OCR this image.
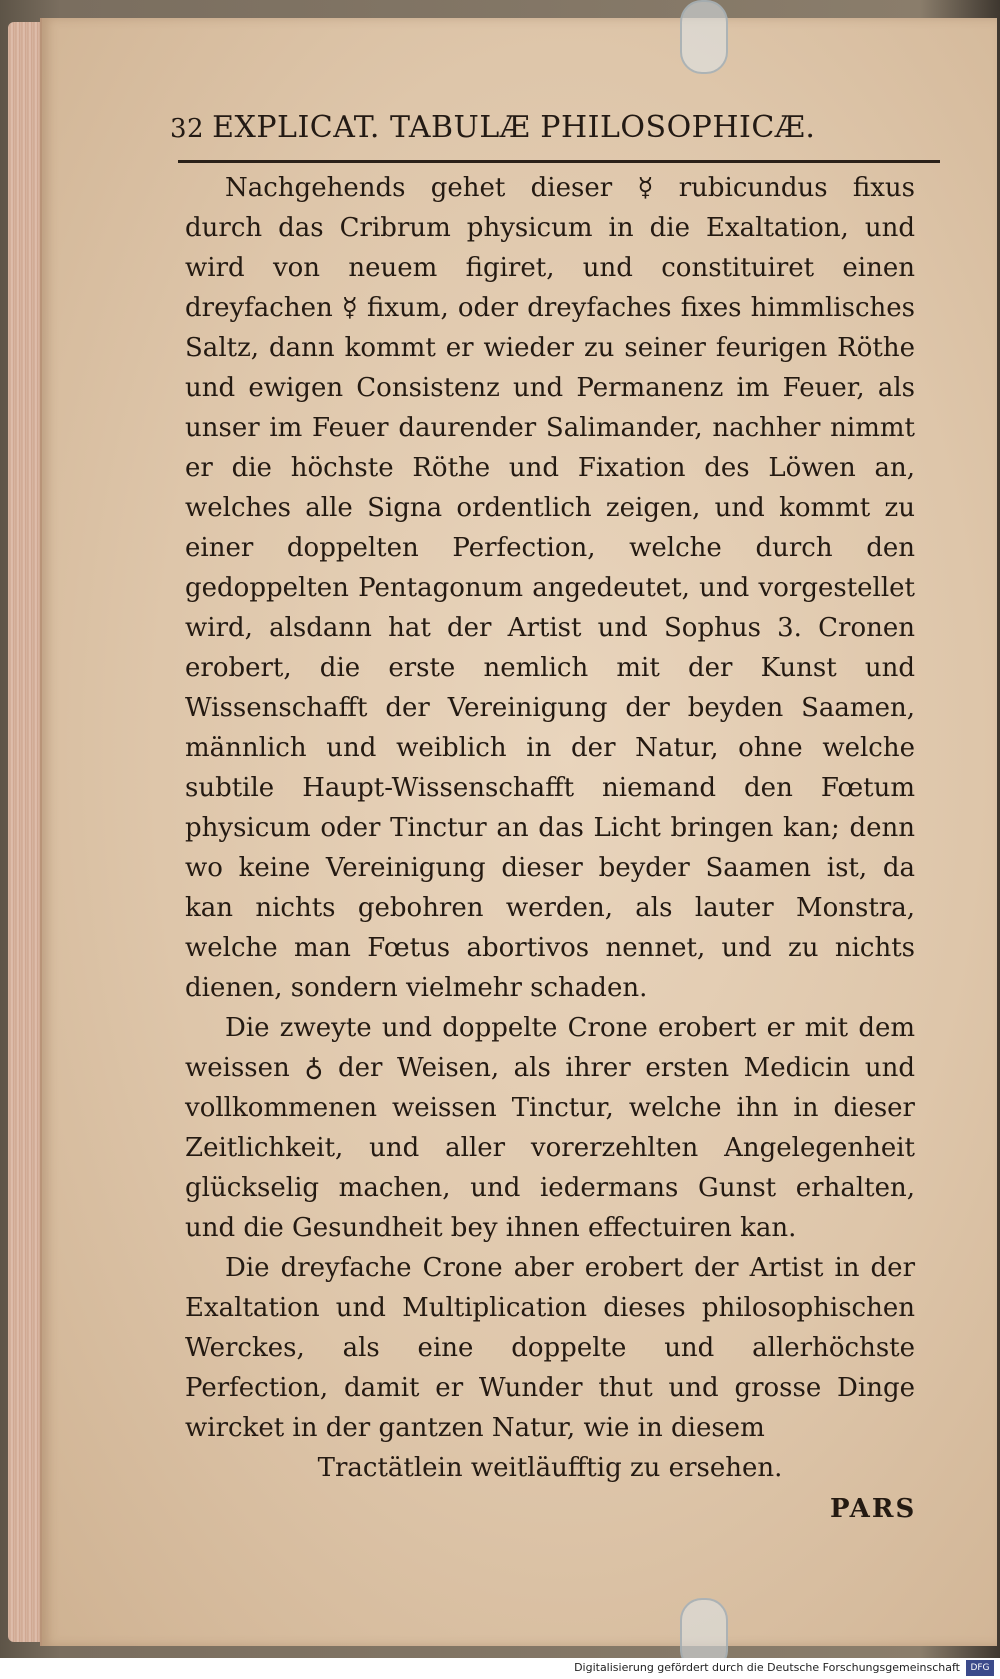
32 EXPLICAT. TABULÆ PHILOSOPHICÆ.

Nachgehends gehet dieser ☿ rubicundus fixus durch das Cribrum physicum in die Exaltation, und wird von neuem figiret, und constituiret einen dreyfachen ☿ fixum, oder dreyfaches fixes himmlisches Saltz, dann kommt er wieder zu seiner feurigen Röthe und ewigen Consistenz und Permanenz im Feuer, als unser im Feuer daurender Salimander, nachher nimmt er die höchste Röthe und Fixation des Löwen an, welches alle Signa ordentlich zeigen, und kommt zu einer doppelten Perfection, welche durch den gedoppelten Pentagonum angedeutet, und vorgestellet wird, alsdann hat der Artist und Sophus 3. Cronen erobert, die erste nemlich mit der Kunst und Wissenschafft der Vereinigung der beyden Saamen, männlich und weiblich in der Natur, ohne welche subtile Haupt-Wissenschafft niemand den Fœtum physicum oder Tinctur an das Licht bringen kan; denn wo keine Vereinigung dieser beyder Saamen ist, da kan nichts gebohren werden, als lauter Monstra, welche man Fœtus abortivos nennet, und zu nichts dienen, sondern vielmehr schaden.

Die zweyte und doppelte Crone erobert er mit dem weissen ♁ der Weisen, als ihrer ersten Medicin und vollkommenen weissen Tinctur, welche ihn in dieser Zeitlichkeit, und aller vorerzehlten Angelegenheit glückselig machen, und iedermans Gunst erhalten, und die Gesundheit bey ihnen effectuiren kan.

Die dreyfache Crone aber erobert der Artist in der Exaltation und Multiplication dieses philosophischen Werckes, als eine doppelte und allerhöchste Perfection, damit er Wunder thut und grosse Dinge wircket in der gantzen Natur, wie in diesem

Tractätlein weitläufftig zu ersehen.

PARS
Digitalisierung gefördert durch die Deutsche Forschungsgemeinschaft	DFG
